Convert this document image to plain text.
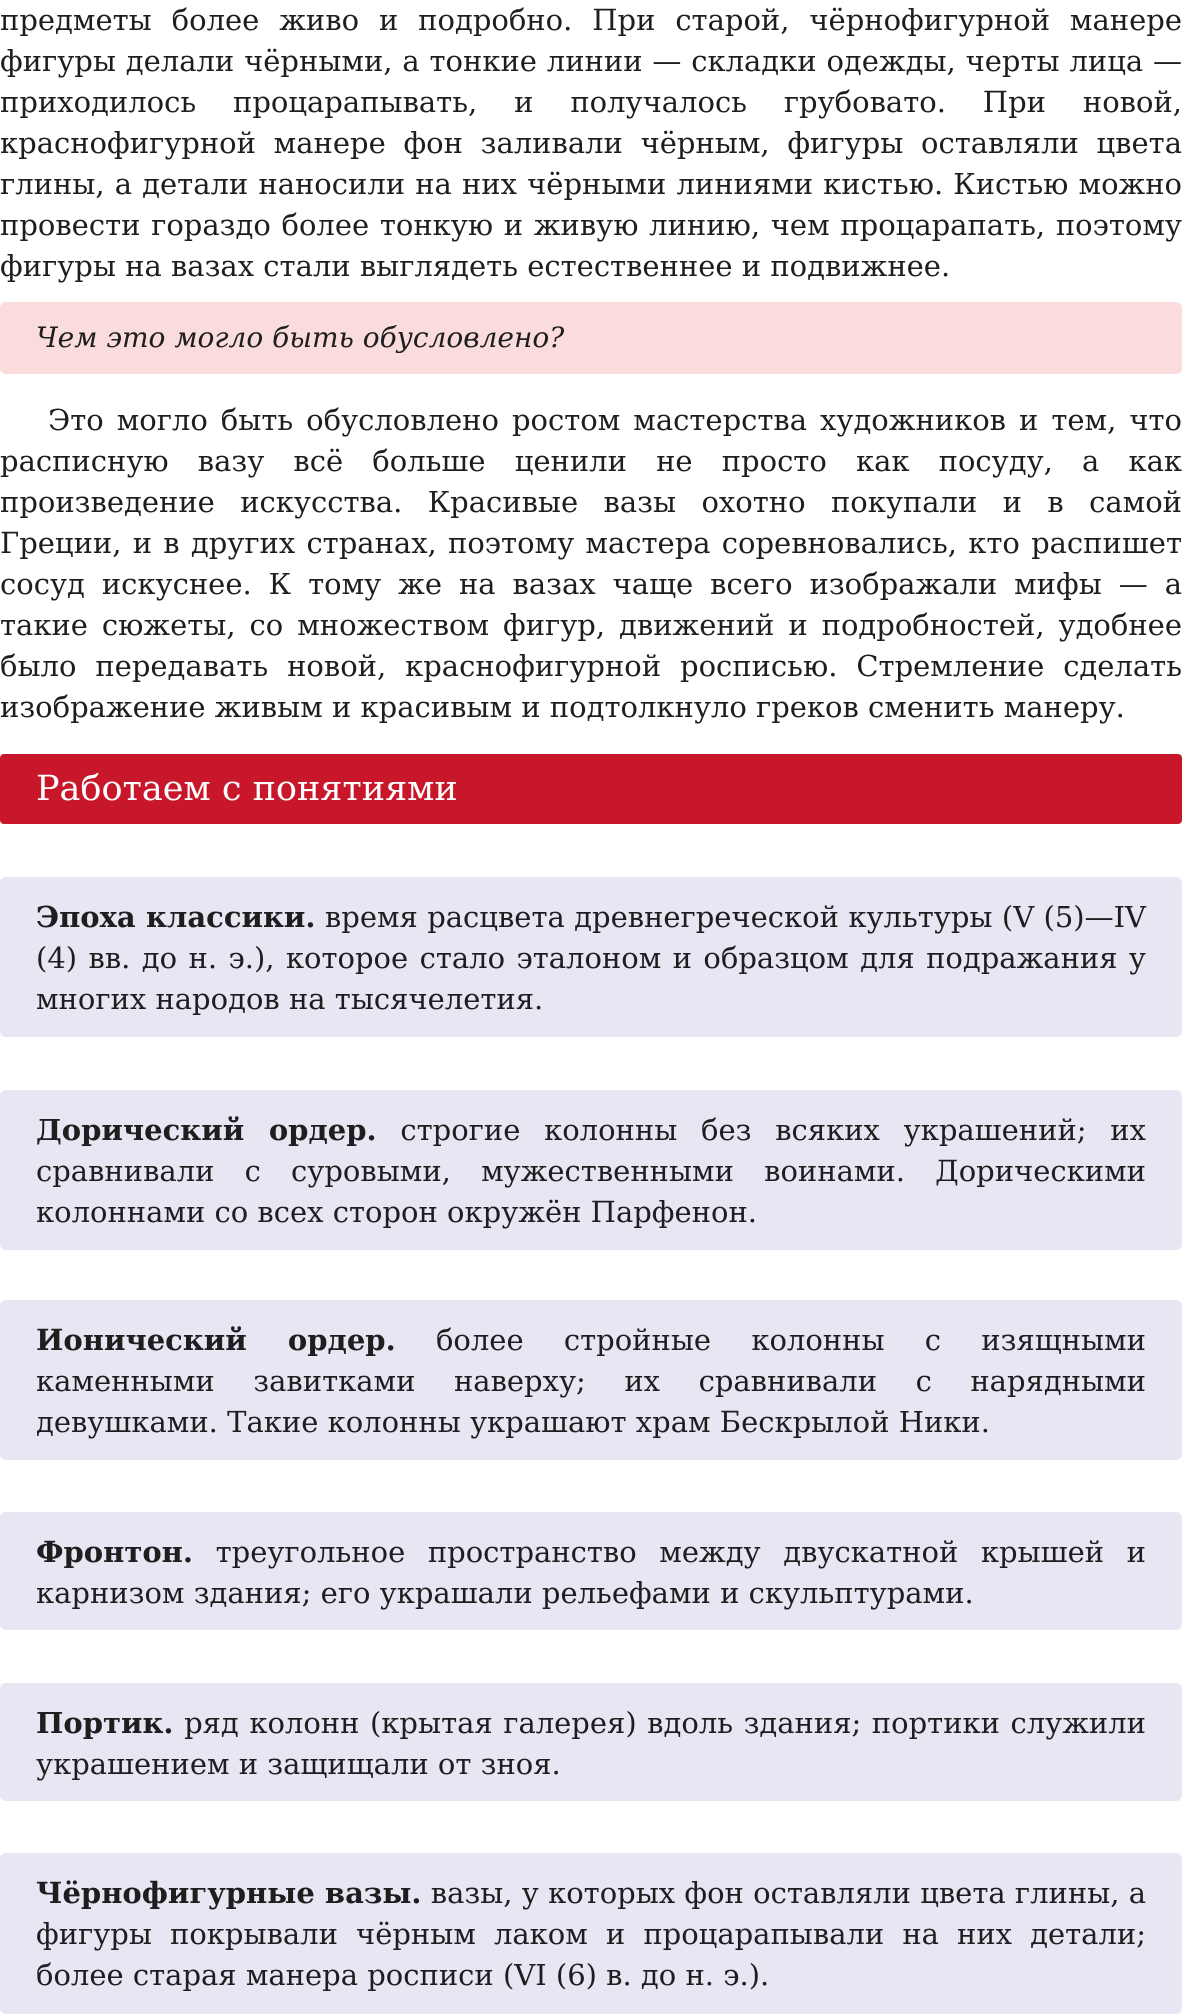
предметы более живо и подробно. При старой, чёрнофигурной манере фигуры делали чёрными, а тонкие линии — складки одежды, черты лица — приходилось процарапывать, и получалось грубовато. При новой, краснофигурной манере фон заливали чёрным, фигуры оставляли цвета глины, а детали наносили на них чёрными линиями кистью. Кистью можно провести гораздо более тонкую и живую линию, чем процарапать, поэтому фигуры на вазах стали выглядеть естественнее и подвижнее.

Чем это могло быть обусловлено?

Это могло быть обусловлено ростом мастерства художников и тем, что расписную вазу всё больше ценили не просто как посуду, а как произведение искусства. Красивые вазы охотно покупали и в самой Греции, и в других странах, поэтому мастера соревновались, кто распишет сосуд искуснее. К тому же на вазах чаще всего изображали мифы — а такие сюжеты, со множеством фигур, движений и подробностей, удобнее было передавать новой, краснофигурной росписью. Стремление сделать изображение живым и красивым и подтолкнуло греков сменить манеру.

Работаем с понятиями

Эпоха классики. время расцвета древнегреческой культуры (V (5)—IV (4) вв. до н. э.), которое стало эталоном и образцом для подражания у многих народов на тысячелетия.

Дорический ордер. строгие колонны без всяких украшений; их сравнивали с суровыми, мужественными воинами. Дорическими колоннами со всех сторон окружён Парфенон.

Ионический ордер. более стройные колонны с изящными каменными завитками наверху; их сравнивали с нарядными девушками. Такие колонны украшают храм Бескрылой Ники.

Фронтон. треугольное пространство между двускатной крышей и карнизом здания; его украшали рельефами и скульптурами.

Портик. ряд колонн (крытая галерея) вдоль здания; портики служили украшением и защищали от зноя.

Чёрнофигурные вазы. вазы, у которых фон оставляли цвета глины, а фигуры покрывали чёрным лаком и процарапывали на них детали; более старая манера росписи (VI (6) в. до н. э.).
